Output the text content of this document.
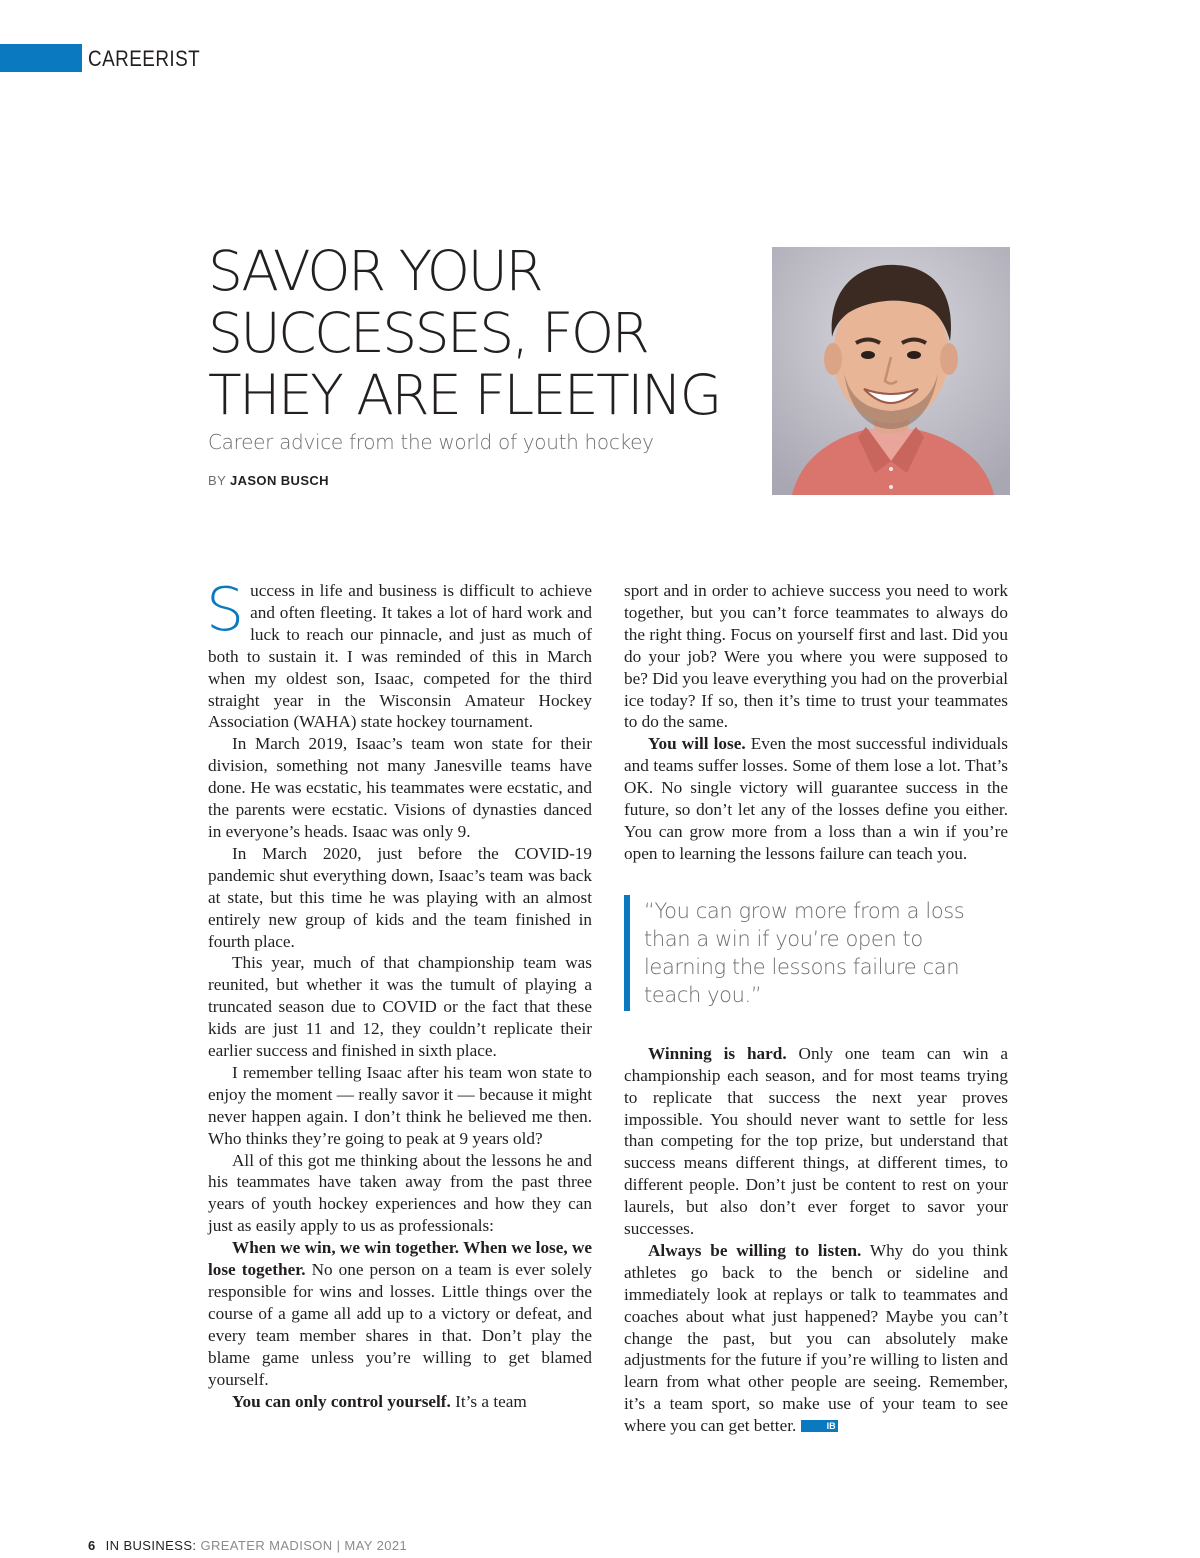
CAREERIST
SAVOR YOUR
SUCCESSES, FOR
THEY ARE FLEETING
Career advice from the world of youth hockey
BY JASON BUSCH

Success in life and business is difficult to achieve and often fleeting. It takes a lot of hard work and luck to reach our pinnacle, and just as much of both to sustain it. I was reminded of this in March when my oldest son, Isaac, competed for the third straight year in the Wisconsin Amateur Hockey Association (WAHA) state hockey tournament.

In March 2019, Isaac’s team won state for their division, something not many Janesville teams have done. He was ecstatic, his teammates were ecstatic, and the parents were ecstatic. Visions of dynasties danced in everyone’s heads. Isaac was only 9.

In March 2020, just before the COVID-19 pandemic shut everything down, Isaac’s team was back at state, but this time he was playing with an almost entirely new group of kids and the team finished in fourth place.

This year, much of that championship team was reunited, but whether it was the tumult of playing a truncated season due to COVID or the fact that these kids are just 11 and 12, they couldn’t replicate their earlier success and finished in sixth place.

I remember telling Isaac after his team won state to enjoy the moment — really savor it — because it might never happen again. I don’t think he believed me then. Who thinks they’re going to peak at 9 years old?

All of this got me thinking about the lessons he and his teammates have taken away from the past three years of youth hockey experiences and how they can just as easily apply to us as professionals:

When we win, we win together. When we lose, we lose together. No one person on a team is ever solely responsible for wins and losses. Little things over the course of a game all add up to a victory or defeat, and every team member shares in that. Don’t play the blame game unless you’re willing to get blamed yourself.

You can only control yourself. It’s a team

sport and in order to achieve success you need to work together, but you can’t force teammates to always do the right thing. Focus on yourself first and last. Did you do your job? Were you where you were supposed to be? Did you leave everything you had on the proverbial ice today? If so, then it’s time to trust your teammates to do the same.

You will lose. Even the most successful individuals and teams suffer losses. Some of them lose a lot. That’s OK. No single victory will guarantee success in the future, so don’t let any of the losses define you either. You can grow more from a loss than a win if you’re open to learning the lessons failure can teach you.

“You can grow more from a loss than a win if you’re open to learning the lessons failure can teach you.”

Winning is hard. Only one team can win a championship each season, and for most teams trying to replicate that success the next year proves impossible. You should never want to settle for less than competing for the top prize, but understand that success means different things, at different times, to different people. Don’t just be content to rest on your laurels, but also don’t ever forget to savor your successes.

Always be willing to listen. Why do you think athletes go back to the bench or sideline and immediately look at replays or talk to teammates and coaches about what just happened? Maybe you can’t change the past, but you can absolutely make adjustments for the future if you’re willing to listen and learn from what other people are seeing. Remember, it’s a team sport, so make use of your team to see where you can get better.	IB

6 IN BUSINESS: GREATER MADISON | MAY 2021
